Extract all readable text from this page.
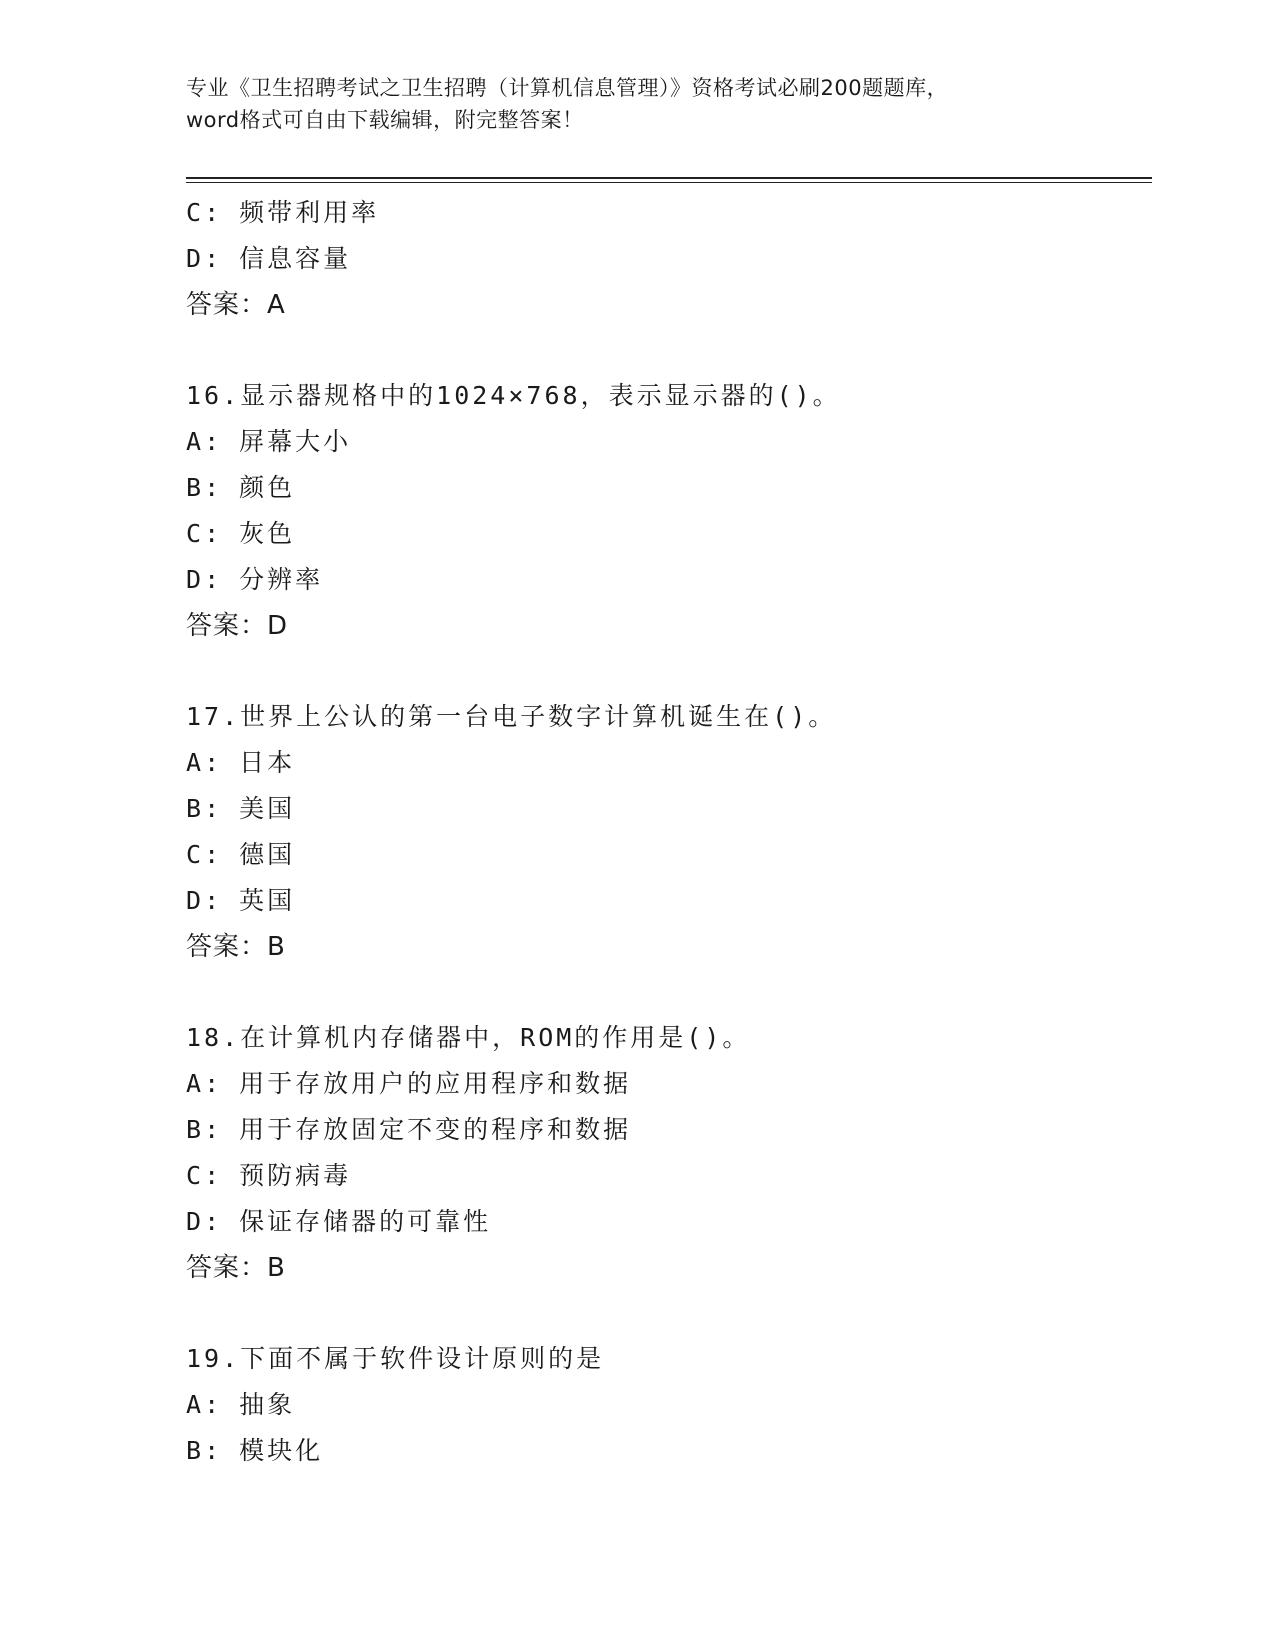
专业《卫生招聘考试之卫生招聘（计算机信息管理）》资格考试必刷200题题库，
word格式可自由下载编辑，附完整答案！
C: 频带利用率
D: 信息容量
答案：A
16.显示器规格中的1024×768，表示显示器的()。
A: 屏幕大小
B: 颜色
C: 灰色
D: 分辨率
答案：D
17.世界上公认的第一台电子数字计算机诞生在()。
A: 日本
B: 美国
C: 德国
D: 英国
答案：B
18.在计算机内存储器中，ROM的作用是()。
A: 用于存放用户的应用程序和数据
B: 用于存放固定不变的程序和数据
C: 预防病毒
D: 保证存储器的可靠性
答案：B
19.下面不属于软件设计原则的是
A: 抽象
B: 模块化
